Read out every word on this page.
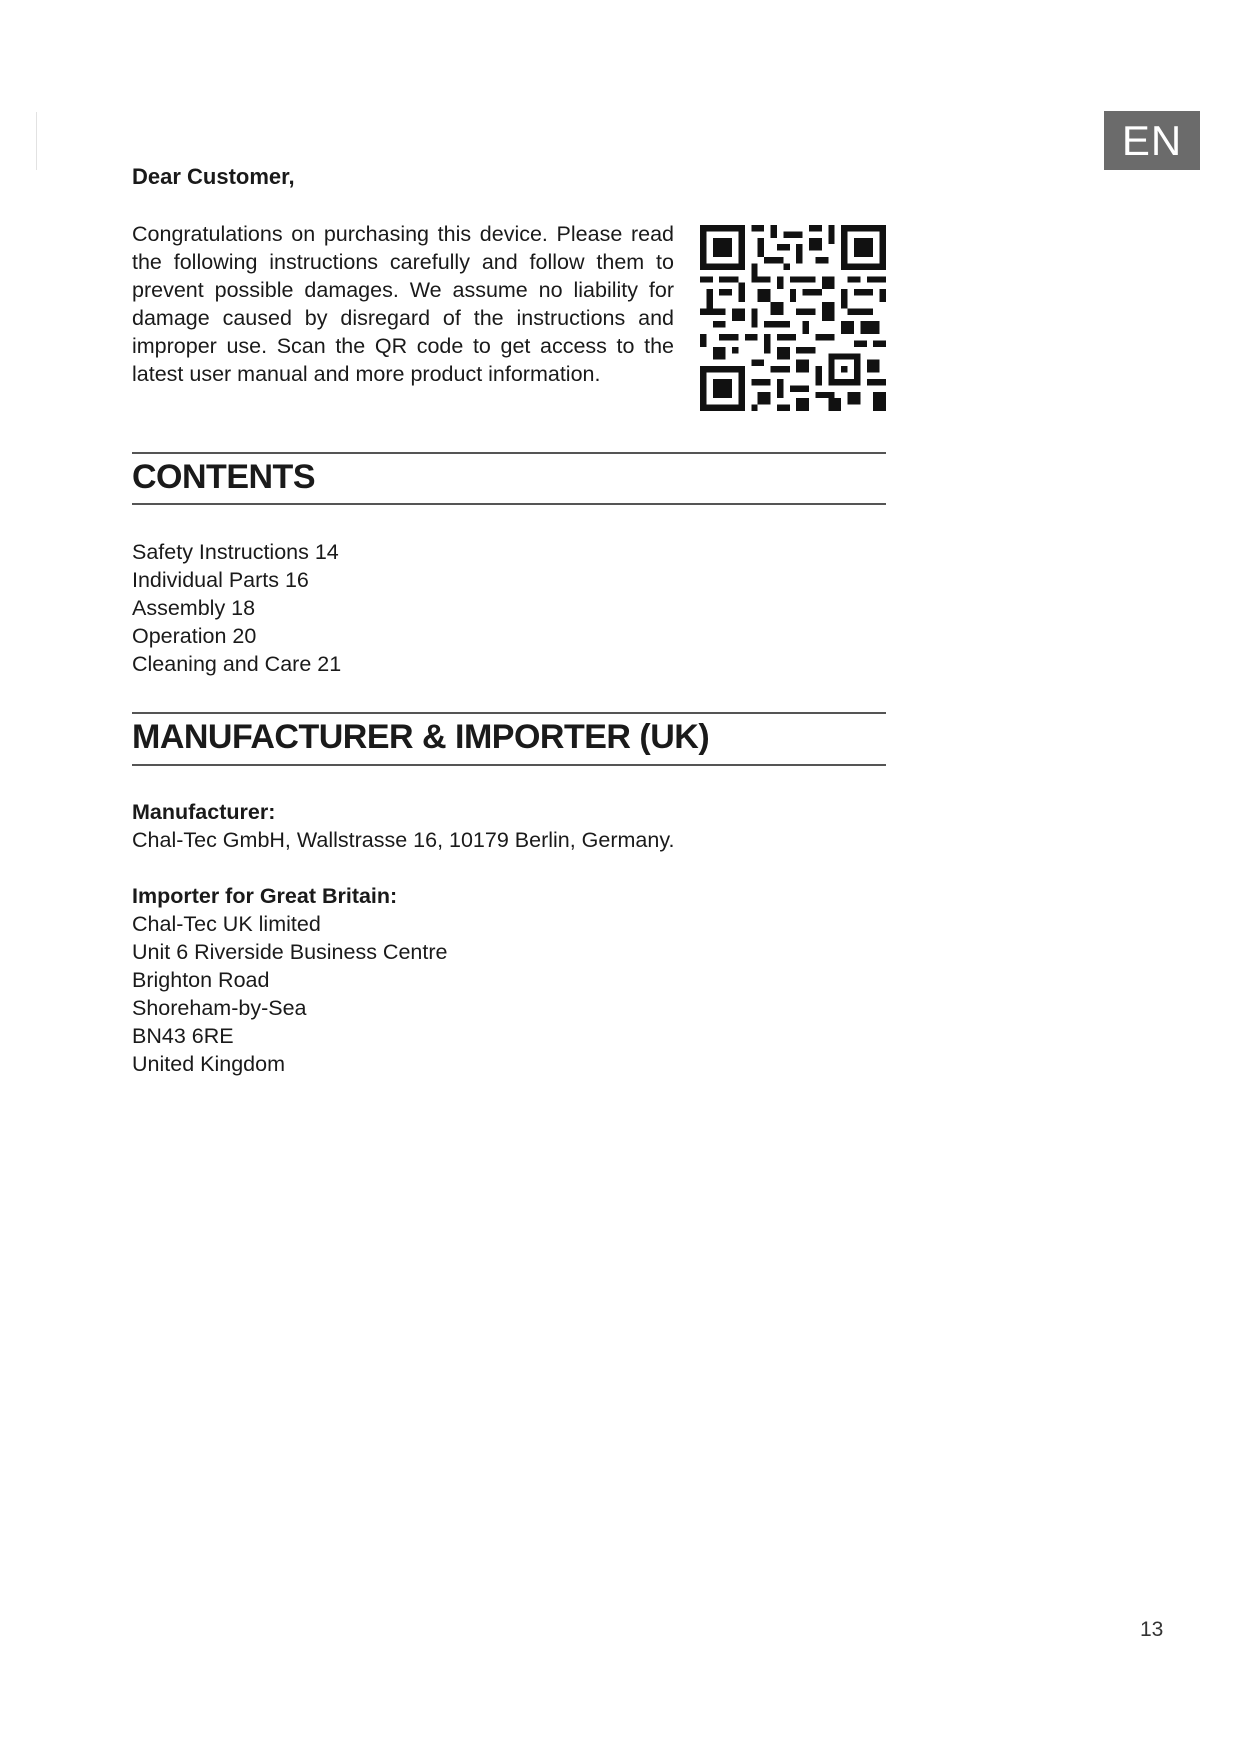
EN

Dear Customer,

Congratulations on purchasing this device. Please read the following instructions carefully and follow them to prevent possible damages. We assume no liability for damage caused by disregard of the instructions and improper use. Scan the QR code to get access to the latest user manual and more product information.

CONTENTS
Safety Instructions 14
Individual Parts 16
Assembly 18
Operation 20
Cleaning and Care 21
MANUFACTURER & IMPORTER (UK)
Manufacturer:
Chal-Tec GmbH, Wallstrasse 16, 10179 Berlin, Germany.
Importer for Great Britain:
Chal-Tec UK limited
Unit 6 Riverside Business Centre
Brighton Road
Shoreham-by-Sea
BN43 6RE
United Kingdom
13
